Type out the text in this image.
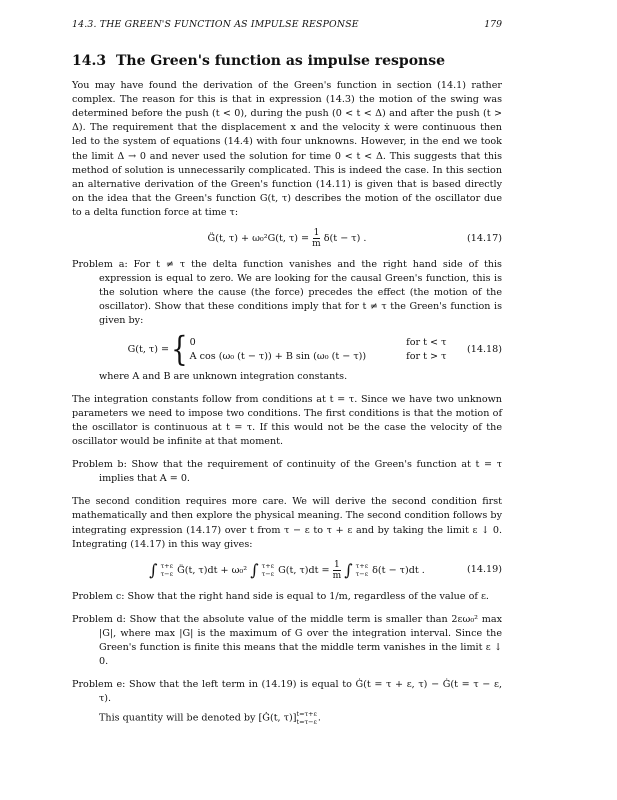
14.3. THE GREEN'S FUNCTION AS IMPULSE RESPONSE	179
14.3 The Green's function as impulse response

You may have found the derivation of the Green's function in section (14.1) rather complex. The reason for this is that in expression (14.3) the motion of the swing was determined before the push (t < 0), during the push (0 < t < Δ) and after the push (t > Δ). The requirement that the displacement x and the velocity ẋ were continuous then led to the system of equations (14.4) with four unknowns. However, in the end we took the limit Δ → 0 and never used the solution for time 0 < t < Δ. This suggests that this method of solution is unnecessarily complicated. This is indeed the case. In this section an alternative derivation of the Green's function (14.11) is given that is based directly on the idea that the Green's function G(t, τ) describes the motion of the oscillator due to a delta function force at time τ:

G̈(t, τ) + ω₀²G(t, $\tau) = \frac{1}{m} \delta(t - \tau)$ .	(14.17)

Problem a: For t ≠ τ the delta function vanishes and the right hand side of this expression is equal to zero. We are looking for the causal Green's function, this is the solution where the cause (the force) precedes the effect (the motion of the oscillator). Show that these conditions imply that for t ≠ τ the Green's function is given by:

G(t, τ) = { 0	for t < τ
A cos (ω₀ (t − τ)) + B sin (ω₀ (t − τ))	for t > τ
(14.18)

where A and B are unknown integration constants.

The integration constants follow from conditions at t = τ. Since we have two unknown parameters we need to impose two conditions. The first conditions is that the motion of the oscillator is continuous at t = τ. If this would not be the case the velocity of the oscillator would be infinite at that moment.

Problem b: Show that the requirement of continuity of the Green's function at t = τ implies that A = 0.

The second condition requires more care. We will derive the second condition first mathematically and then explore the physical meaning. The second condition follows by integrating expression (14.17) over t from τ − ε to τ + ε and by taking the limit ε ↓ 0. Integrating (14.17) in this way gives:

∫ τ+ε
τ−ε G̈(t, τ)dt + ω₀² ∫ τ+ε
τ−ε G(t, $\tau)dt = \frac{1}{m}$ ∫ τ+ε
τ−ε δ(t − τ)dt .	(14.19)

Problem c: Show that the right hand side is equal to 1/m, regardless of the value of ε.

Problem d: Show that the absolute value of the middle term is smaller than 2εω₀² max |G|, where max |G| is the maximum of G over the integration interval. Since the Green's function is finite this means that the middle term vanishes in the limit ε ↓ 0.

Problem e: Show that the left term in (14.19) is equal to Ġ(t = τ + ε, τ) − Ġ(t = τ − ε, τ).

This quantity will be denoted by [Ġ(t, τ)] t=τ+ε
t=τ−ε .
